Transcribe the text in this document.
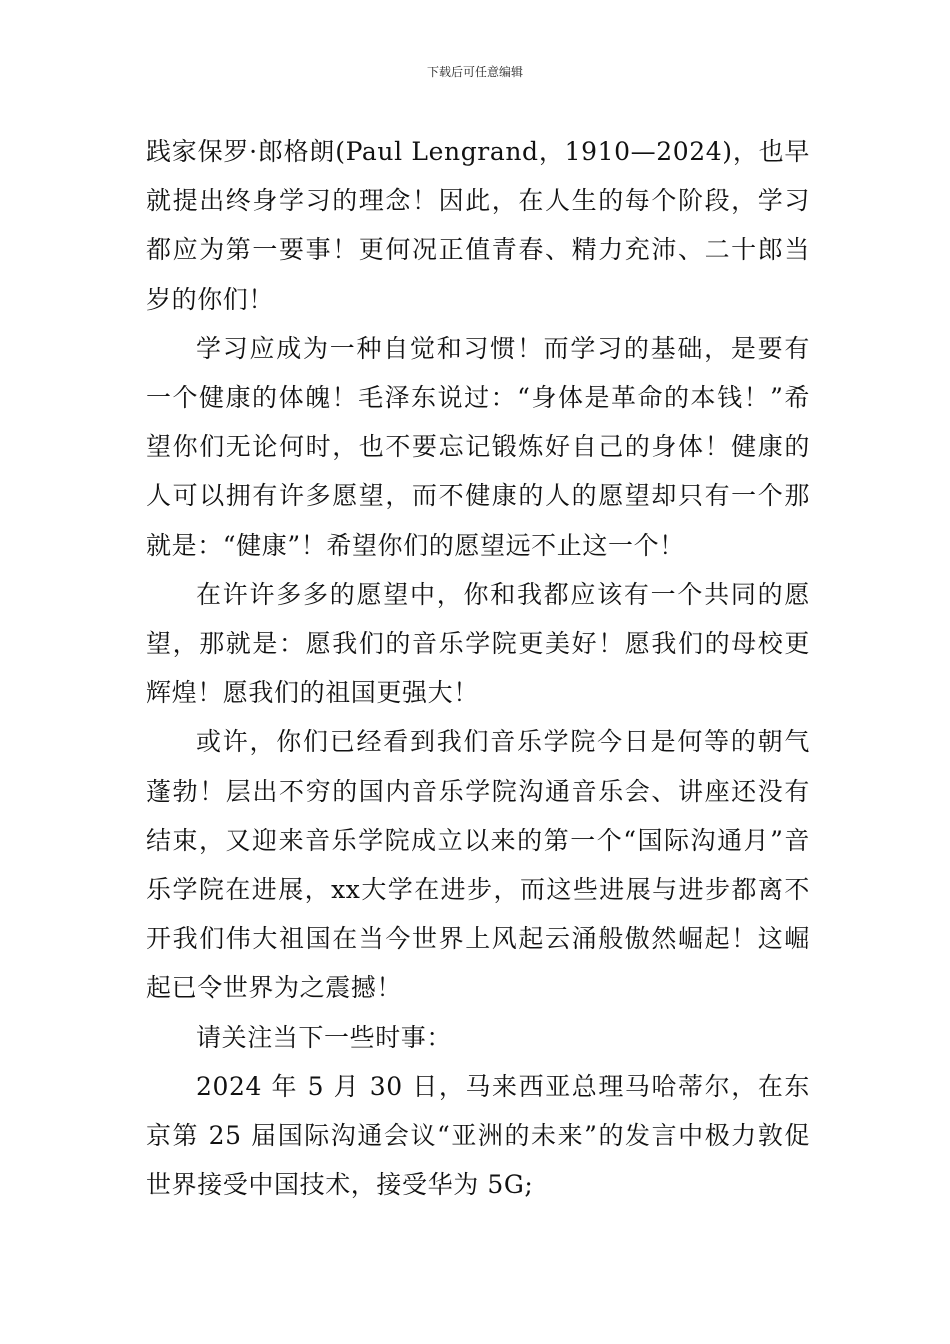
下载后可任意编辑

践家保罗·郎格朗(Paul Lengrand，1910—2024)，也早就提出终身学习的理念！因此，在人生的每个阶段，学习都应为第一要事！更何况正值青春、精力充沛、二十郎当岁的你们！

学习应成为一种自觉和习惯！而学习的基础，是要有一个健康的体魄！毛泽东说过：“身体是革命的本钱！”希望你们无论何时，也不要忘记锻炼好自己的身体！健康的人可以拥有许多愿望，而不健康的人的愿望却只有一个那就是：“健康”！希望你们的愿望远不止这一个！

在许许多多的愿望中，你和我都应该有一个共同的愿望，那就是：愿我们的音乐学院更美好！愿我们的母校更辉煌！愿我们的祖国更强大！

或许，你们已经看到我们音乐学院今日是何等的朝气蓬勃！层出不穷的国内音乐学院沟通音乐会、讲座还没有结束，又迎来音乐学院成立以来的第一个“国际沟通月”音乐学院在进展，xx大学在进步，而这些进展与进步都离不开我们伟大祖国在当今世界上风起云涌般傲然崛起！这崛起已令世界为之震撼！

请关注当下一些时事：

2024 年 5 月 30 日，马来西亚总理马哈蒂尔，在东京第 25 届国际沟通会议“亚洲的未来”的发言中极力敦促世界接受中国技术，接受华为 5G;
